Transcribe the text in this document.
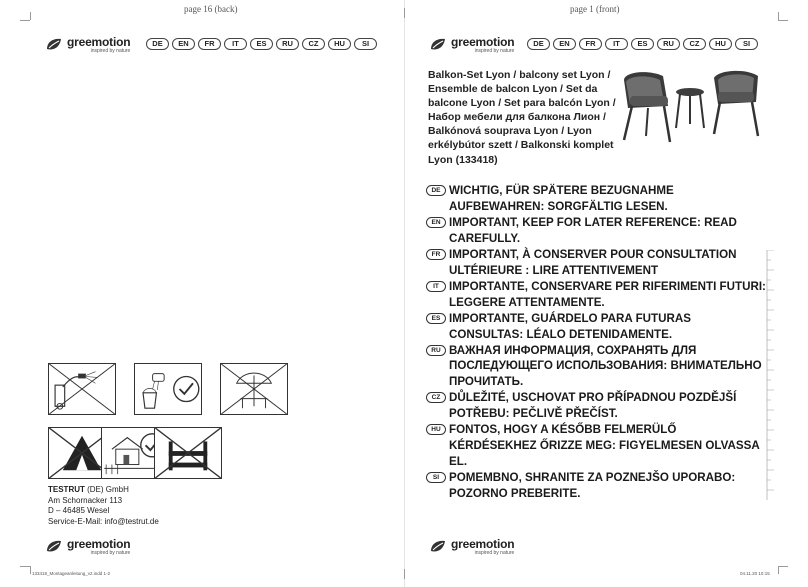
page 16 (back)	page 1 (front)
greemotion
inspired by nature
greemotion
inspired by nature
DE	EN	FR	IT	ES	RU	CZ	HU	SI	DE	EN	FR	IT	ES	RU	CZ	HU	SI
Balkon-Set Lyon / balcony set Lyon / Ensemble de balcon Lyon / Set da balcone Lyon / Set para balcón Lyon / Набор мебели для балкона Лион / Balkónová souprava Lyon / Lyon erkélybútor szett / Balkonski komplet Lyon (133418)
DE WICHTIG, FÜR SPÄTERE BEZUGNAHME AUFBEWAHREN: SORGFÄLTIG LESEN.
EN IMPORTANT, KEEP FOR LATER REFERENCE: READ CAREFULLY.
FR IMPORTANT, À CONSERVER POUR CONSULTATION ULTÉRIEURE : LIRE ATTENTIVEMENT
IT IMPORTANTE, CONSERVARE PER RIFERIMENTI FUTURI: LEGGERE ATTENTAMENTE.
ES IMPORTANTE, GUÁRDELO PARA FUTURAS CONSULTAS: LÉALO DETENIDAMENTE.
RU ВАЖНАЯ ИНФОРМАЦИЯ, СОХРАНЯТЬ ДЛЯ ПОСЛЕДУЮЩЕГО ИСПОЛЬЗОВАНИЯ: ВНИМАТЕЛЬНО ПРОЧИТАТЬ.
CZ DŮLEŽITÉ, USCHOVAT PRO PŘÍPADNOU POZDĚJŠÍ POTŘEBU: PEČLIVĚ PŘEČÍST.
HU FONTOS, HOGY A KÉSŐBB FELMERÜLŐ KÉRDÉSEKHEZ ŐRIZZE MEG: FIGYELMESEN OLVASSA EL.
SI POMEMBNO, SHRANITE ZA POZNEJŠO UPORABO: POZORNO PREBERITE.
TESTRUT (DE) GmbH
Am Schornacker 113
D – 46485 Wesel
Service-E-Mail: info@testrut.de
greemotion
inspired by nature
greemotion
inspired by nature
133418_Montageanleitung_v2.indd 1-2	04.11.20 10:15
